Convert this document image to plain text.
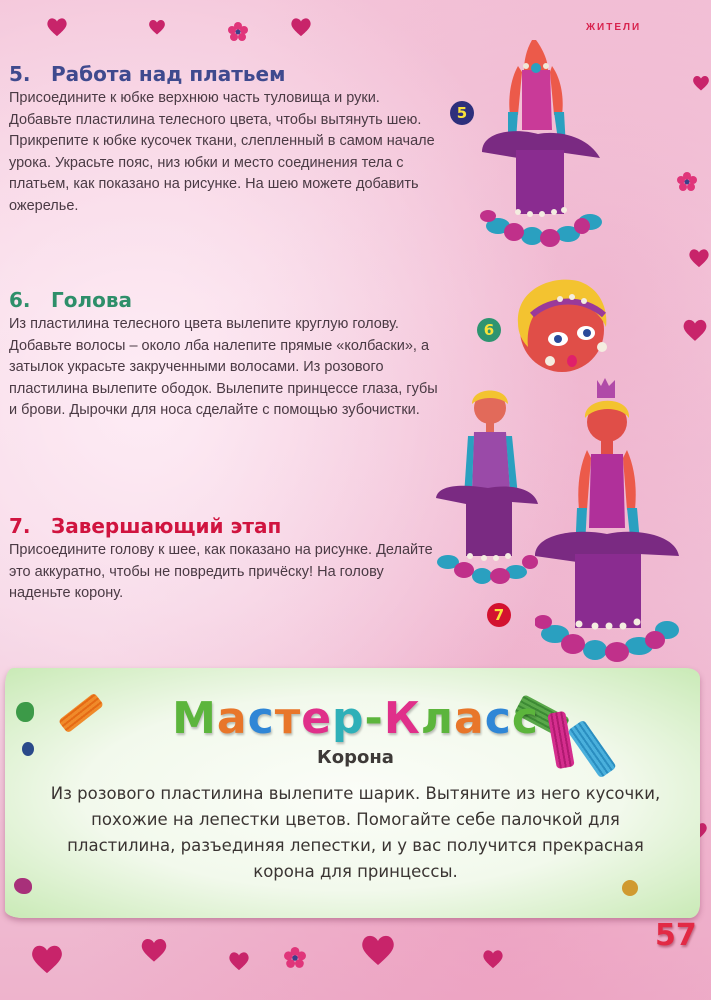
ЖИТЕЛИ
5. Работа над платьем

Присоедините к юбке верхнюю часть туловища и руки. Добавьте пластилина телесного цвета, чтобы вытянуть шею. Прикрепите к юбке кусочек ткани, слепленный в самом начале урока. Украсьте пояс, низ юбки и место соединения тела с платьем, как показано на рисунке. На шею можете добавить ожерелье.

5
6. Голова

Из пластилина телесного цвета вылепите круглую голову. Добавьте волосы – около лба налепите прямые «колбаски», а затылок украсьте закрученными волосами. Из розового пластилина вылепите ободок. Вылепите принцессе глаза, губы и брови. Дырочки для носа сделайте с помощью зубочистки.

6
7. Завершающий этап

Присоедините голову к шее, как показано на рисунке. Делайте это аккуратно, чтобы не повредить причёску! На голову наденьте корону.

7
Мастер-Класс
Корона
Из розового пластилина вылепите шарик. Вытяните из него кусочки, похожие на лепестки цветов. Помогайте себе палочкой для пластилина, разъединяя лепестки, и у вас получится прекрасная корона для принцессы.
57
